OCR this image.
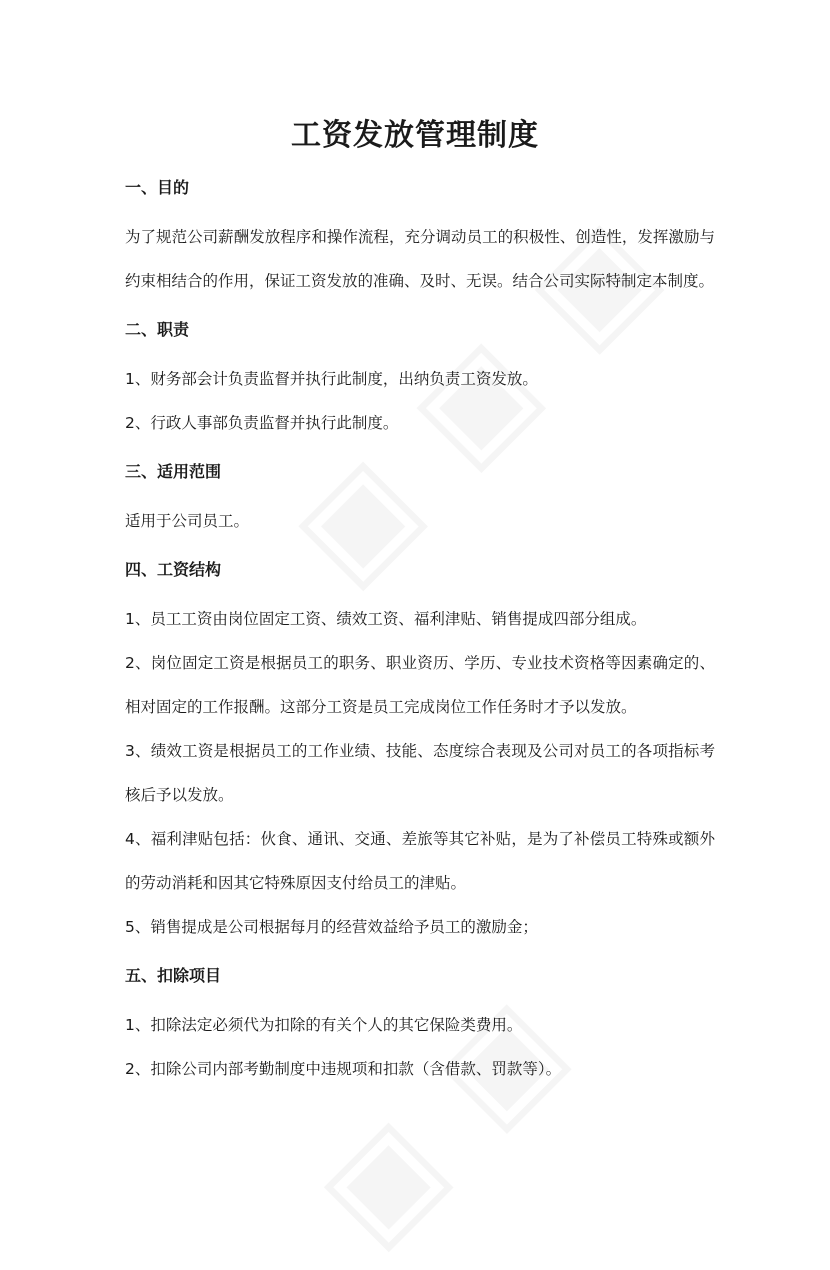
工资发放管理制度
一、目的

为了规范公司薪酬发放程序和操作流程，充分调动员工的积极性、创造性，发挥激励与约束相结合的作用，保证工资发放的准确、及时、无误。结合公司实际特制定本制度。

二、职责

1、财务部会计负责监督并执行此制度，出纳负责工资发放。

2、行政人事部负责监督并执行此制度。

三、适用范围

适用于公司员工。

四、工资结构

1、员工工资由岗位固定工资、绩效工资、福利津贴、销售提成四部分组成。

2、岗位固定工资是根据员工的职务、职业资历、学历、专业技术资格等因素确定的、相对固定的工作报酬。这部分工资是员工完成岗位工作任务时才予以发放。

3、绩效工资是根据员工的工作业绩、技能、态度综合表现及公司对员工的各项指标考核后予以发放。

4、福利津贴包括：伙食、通讯、交通、差旅等其它补贴，是为了补偿员工特殊或额外的劳动消耗和因其它特殊原因支付给员工的津贴。

5、销售提成是公司根据每月的经营效益给予员工的激励金；

五、扣除项目

1、扣除法定必须代为扣除的有关个人的其它保险类费用。

2、扣除公司内部考勤制度中违规项和扣款（含借款、罚款等）。
